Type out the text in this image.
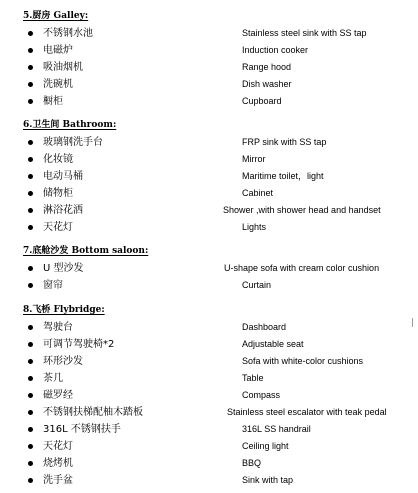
5.厨房 Galley:
不锈钢水池	Stainless steel sink with SS tap
电磁炉	Induction cooker
吸油烟机	Range hood
洗碗机	Dish washer
橱柜	Cupboard
6.卫生间 Bathroom:
玻璃钢洗手台	FRP sink with SS tap
化妆镜	Mirror
电动马桶	Maritime toilet，light
储物柜	Cabinet
淋浴花洒	Shower ,with shower head and handset
天花灯	Lights
7.底舱沙发 Bottom saloon:
U 型沙发	U-shape sofa with cream color cushion
窗帘	Curtain
8.飞桥 Flybridge:
驾驶台	Dashboard
可调节驾驶椅*2	Adjustable seat
环形沙发	Sofa with white-color cushions
茶几	Table
磁罗经	Compass
不锈钢扶梯配柚木踏板	Stainless steel escalator with teak pedal
316L 不锈钢扶手	316L SS handrail
天花灯	Ceiling light
烧烤机	BBQ
洗手盆	Sink with tap
